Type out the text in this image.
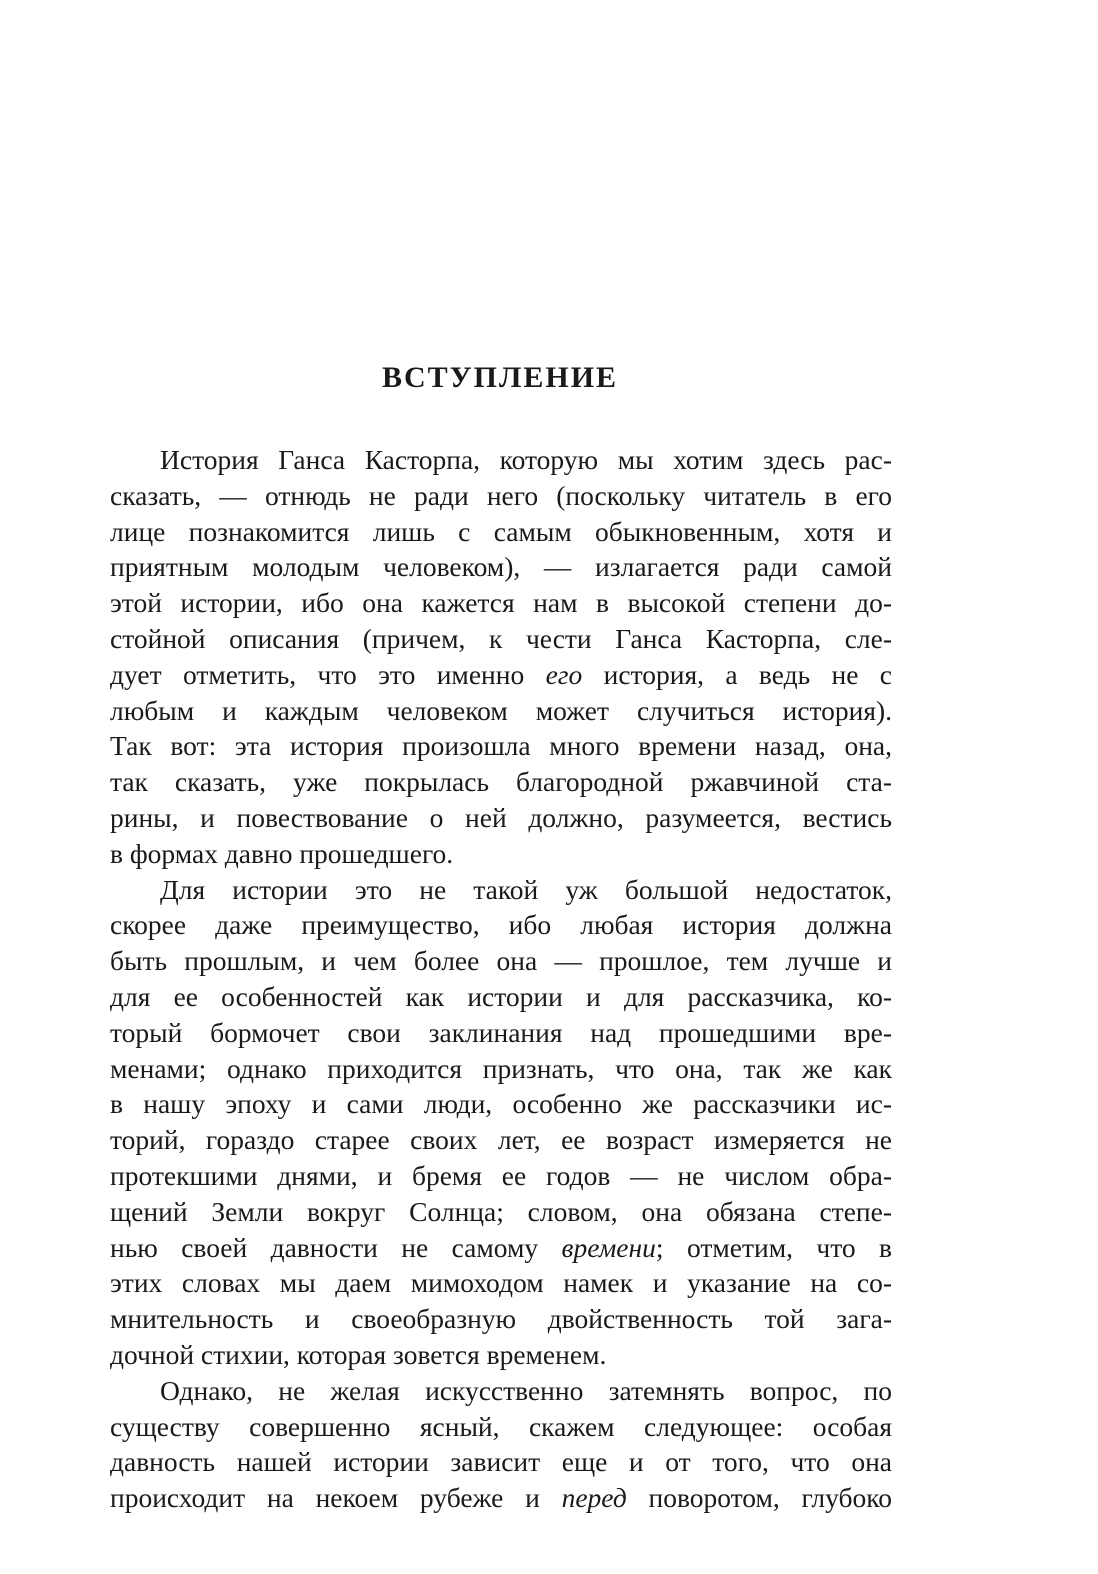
ВСТУПЛЕНИЕ
История Ганса Касторпа, которую мы хотим здесь рас-
сказать, — отнюдь не ради него (поскольку читатель в его
лице познакомится лишь с самым обыкновенным, хотя и
приятным молодым человеком), — излагается ради самой
этой истории, ибо она кажется нам в высокой степени до-
стойной описания (причем, к чести Ганса Касторпа, сле-
дует отметить, что это именно его история, а ведь не с
любым и каждым человеком может случиться история).
Так вот: эта история произошла много времени назад, она,
так сказать, уже покрылась благородной ржавчиной ста-
рины, и повествование о ней должно, разумеется, вестись
в формах давно прошедшего.
Для истории это не такой уж большой недостаток,
скорее даже преимущество, ибо любая история должна
быть прошлым, и чем более она — прошлое, тем лучше и
для ее особенностей как истории и для рассказчика, ко-
торый бормочет свои заклинания над прошедшими вре-
менами; однако приходится признать, что она, так же как
в нашу эпоху и сами люди, особенно же рассказчики ис-
торий, гораздо старее своих лет, ее возраст измеряется не
протекшими днями, и бремя ее годов — не числом обра-
щений Земли вокруг Солнца; словом, она обязана степе-
нью своей давности не самому времени; отметим, что в
этих словах мы даем мимоходом намек и указание на со-
мнительность и своеобразную двойственность той зага-
дочной стихии, которая зовется временем.
Однако, не желая искусственно затемнять вопрос, по
существу совершенно ясный, скажем следующее: особая
давность нашей истории зависит еще и от того, что она
происходит на некоем рубеже и перед поворотом, глубоко
